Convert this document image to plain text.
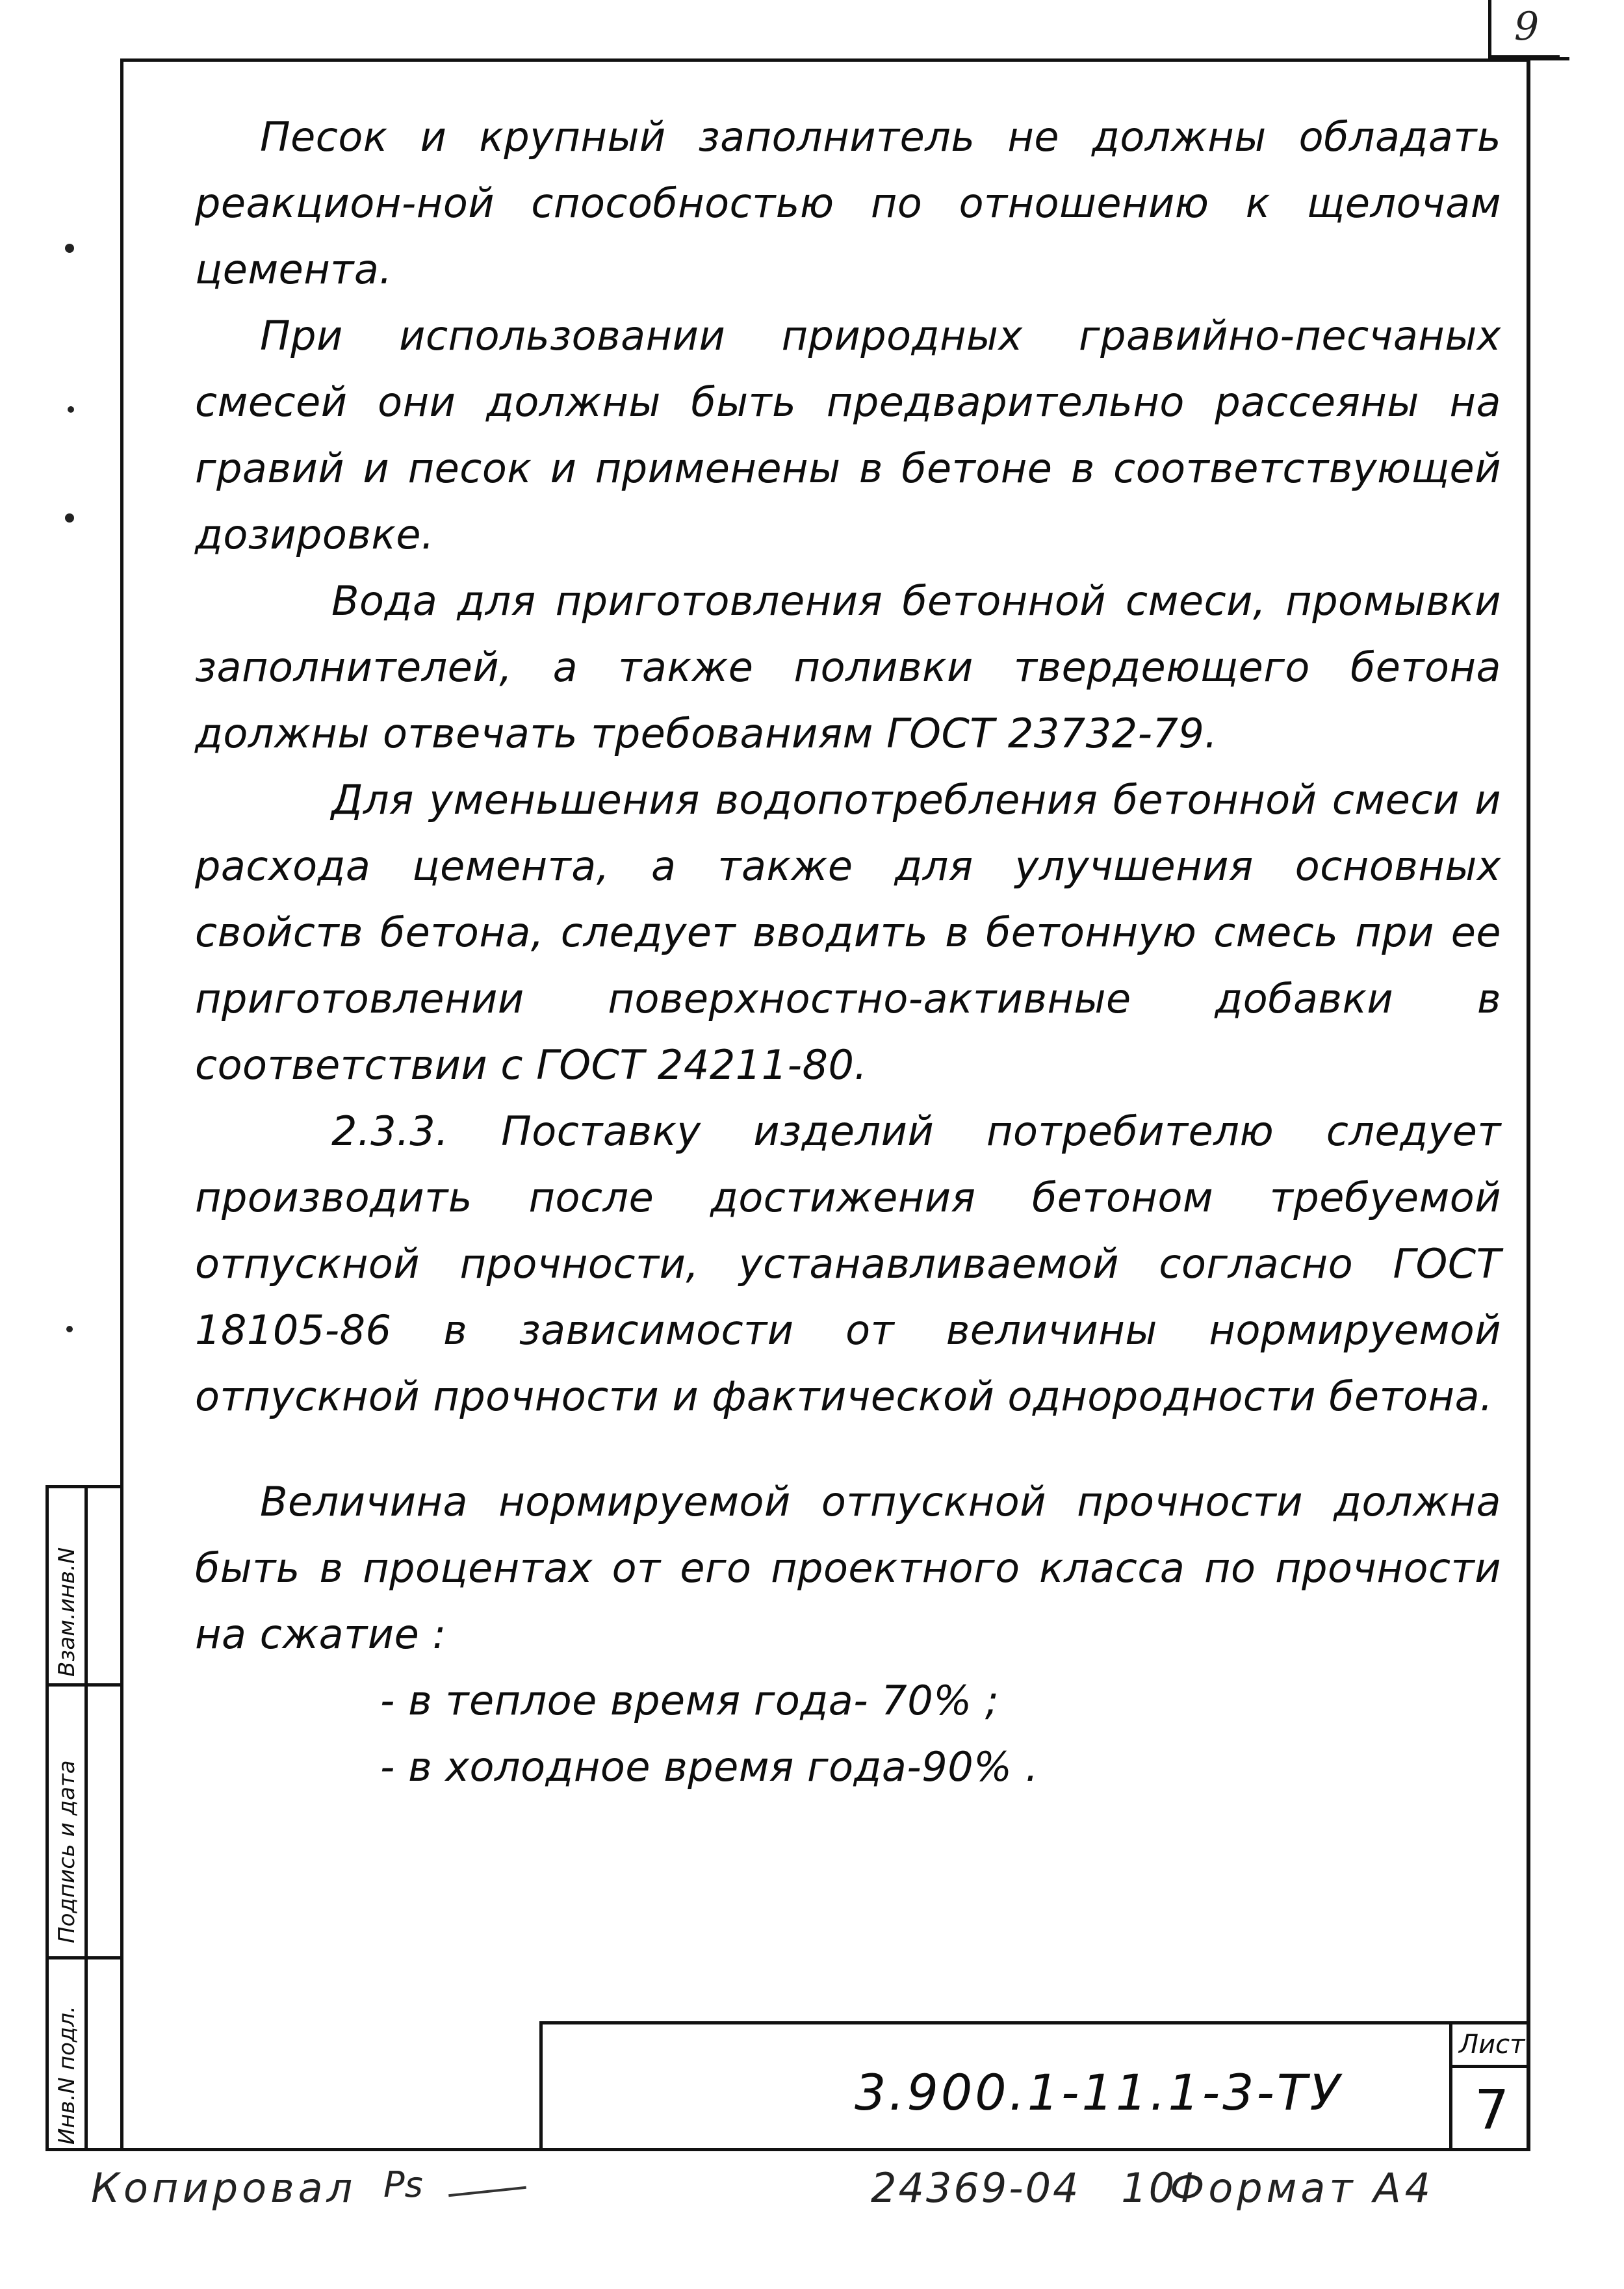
9

Песок и крупный заполнитель не должны обладать реакцион-ной способностью по отношению к щелочам цемента.

При использовании природных гравийно-песчаных смесей они должны быть предварительно рассеяны на гравий и песок и применены в бетоне в соответствующей дозировке.

Вода для приготовления бетонной смеси, промывки заполнителей, а также поливки твердеющего бетона должны отвечать требованиям ГОСТ 23732-79.

Для уменьшения водопотребления бетонной смеси и расхода цемента, а также для улучшения основных свойств бетона, следует вводить в бетонную смесь при ее приготовлении поверхностно-активные добавки в соответствии с ГОСТ 24211-80.

2.3.3. Поставку изделий потребителю следует производить после достижения бетоном требуемой отпускной прочности, устанавливаемой согласно ГОСТ 18105-86 в зависимости от величины нормируемой отпускной прочности и фактической однородности бетона.

Величина нормируемой отпускной прочности должна быть в процентах от его проектного класса по прочности на сжатие :

- в теплое время года- 70% ;

- в холодное время года-90% .

Взам.инв.N
Подпись и дата
Инв.N подл.	3.900.1-11.1-3-ТУ
Лист
7
Копировал Рs	24369-04 10
Формат А4
